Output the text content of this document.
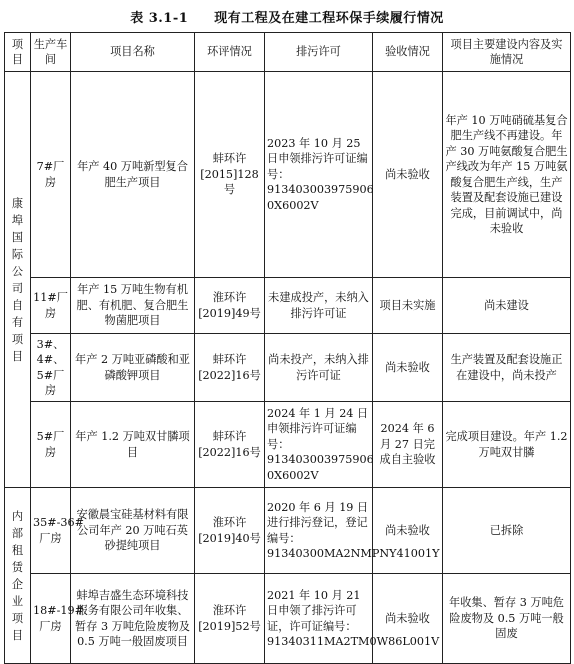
表 3.1-1 现有工程及在建工程环保手续履行情况
项目	生产车间	项目名称	环评情况	排污许可	验收情况	项目主要建设内容及实施情况
康埠国际公司自有项目	7#厂房	年产 40 万吨新型复合肥生产项目	蚌环许[2015]128号	2023 年 10 月 25 日申领排污许可证编号：913403003975906 0X6002V	尚未验收	年产 10 万吨硝硫基复合肥生产线不再建设。年产 30 万吨氨酸复合肥生产线改为年产 15 万吨氨酸复合肥生产线，生产装置及配套设施已建设完成，目前调试中，尚未验收
	11#厂房	年产 15 万吨生物有机肥、有机肥、复合肥生物菌肥项目	淮环许[2019]49号	未建成投产，未纳入排污许可证	项目未实施	尚未建设
	3#、4#、5#厂房	年产 2 万吨亚磷酸和亚磷酸钾项目	蚌环许[2022]16号	尚未投产，未纳入排污许可证	尚未验收	生产装置及配套设施正在建设中，尚未投产
	5#厂房	年产 1.2 万吨双甘膦项目	蚌环许[2022]16号	2024 年 1 月 24 日申领排污许可证编号：913403003975906 0X6002V	2024 年 6 月 27 日完成自主验收	完成项目建设。年产 1.2 万吨双甘膦
内部租赁企业项目	35#-36#厂房	安徽晨宝硅基材料有限公司年产 20 万吨石英砂提纯项目	淮环许[2019]40号	2020 年 6 月 19 日进行排污登记，登记编号：91340300MA2NMPNY41001Y	尚未验收	已拆除
	18#-19#厂房	蚌埠吉盛生态环境科技服务有限公司年收集、暂存 3 万吨危险废物及 0.5 万吨一般固废项目	淮环许[2019]52号	2021 年 10 月 21 日申领了排污许可证，许可证编号：91340311MA2TM0W86L001V	尚未验收	年收集、暂存 3 万吨危险废物及 0.5 万吨一般固废
